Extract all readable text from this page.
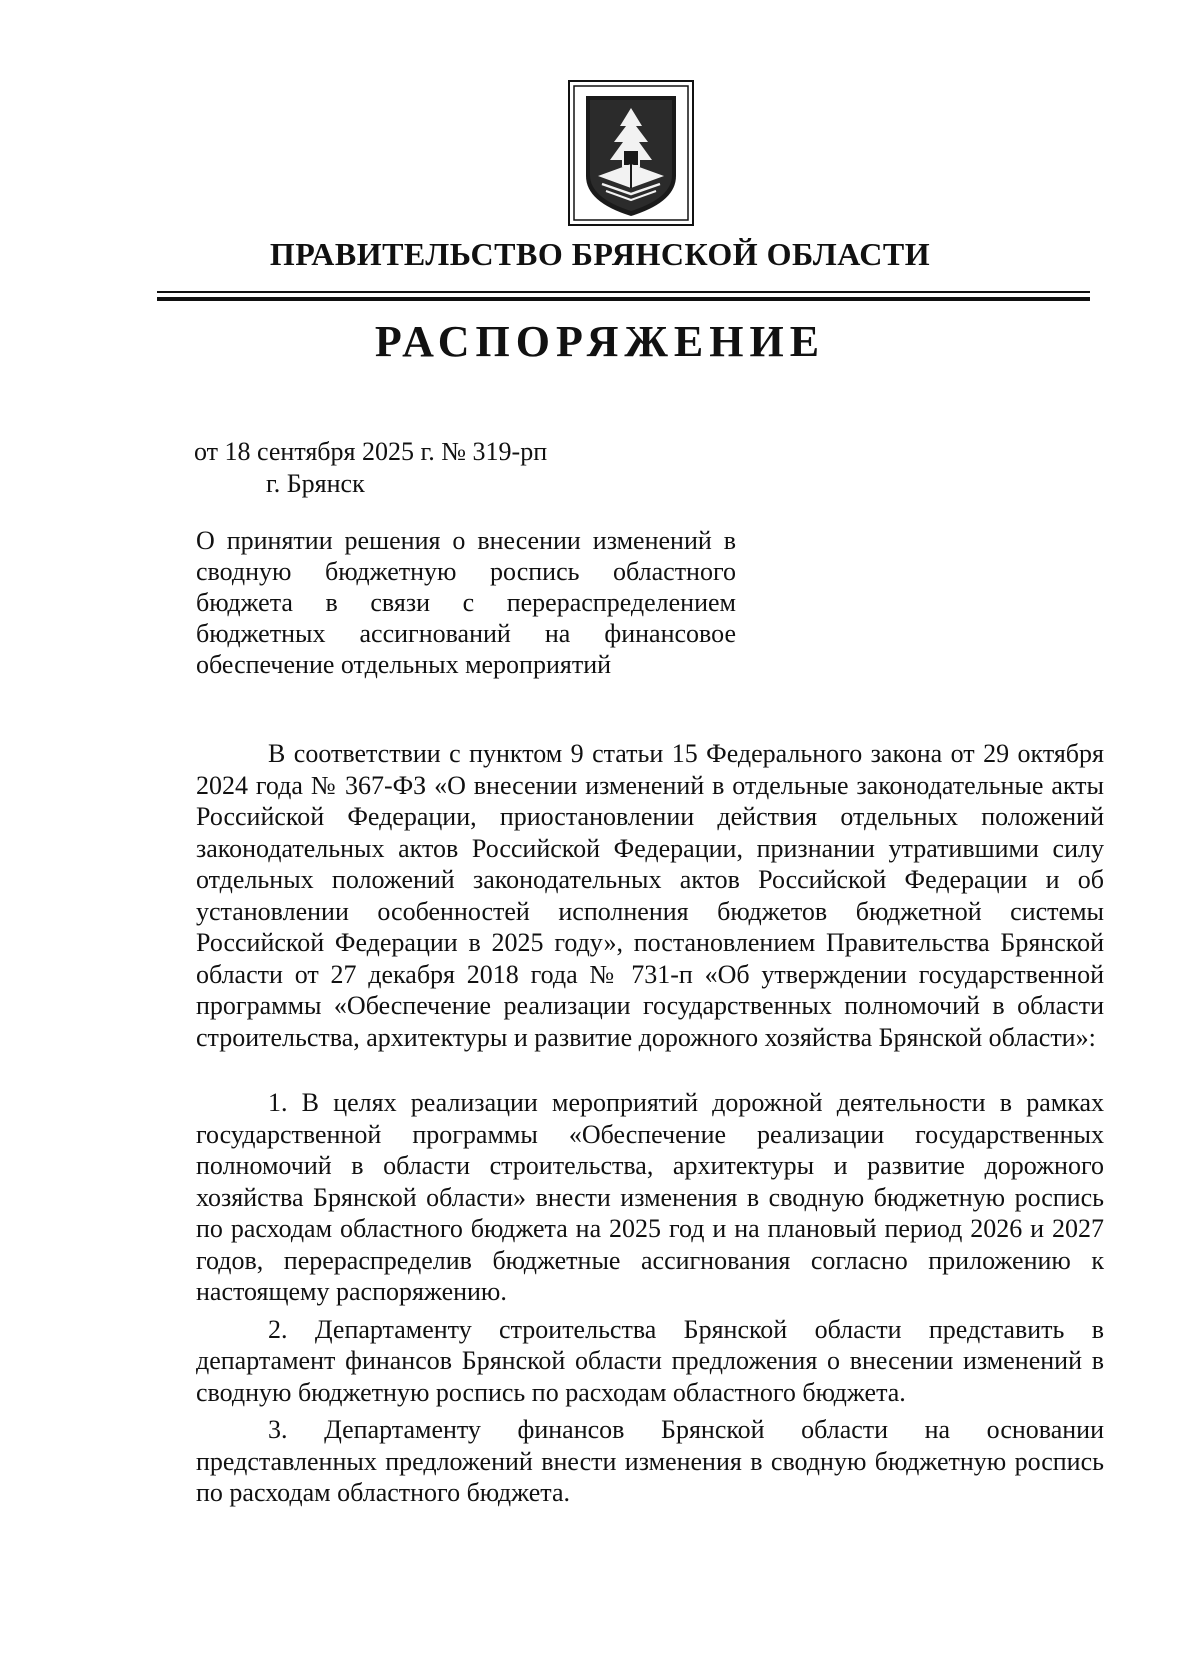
ПРАВИТЕЛЬСТВО БРЯНСКОЙ ОБЛАСТИ
РАСПОРЯЖЕНИЕ
от 18 сентября 2025 г. № 319-рп
г. Брянск
О принятии решения о внесении изменений в сводную бюджетную роспись областного бюджета в связи с перераспределением бюджетных ассигнований на финансовое обеспечение отдельных мероприятий

В соответствии с пунктом 9 статьи 15 Федерального закона от 29 октября 2024 года № 367-ФЗ «О внесении изменений в отдельные законодательные акты Российской Федерации, приостановлении действия отдельных положений законодательных актов Российской Федерации, признании утратившими силу отдельных положений законодательных актов Российской Федерации и об установлении особенностей исполнения бюджетов бюджетной системы Российской Федерации в 2025 году», постановлением Правительства Брянской области от 27 декабря 2018 года № 731-п «Об утверждении государственной программы «Обеспечение реализации государственных полномочий в области строительства, архитектуры и развитие дорожного хозяйства Брянской области»:

1. В целях реализации мероприятий дорожной деятельности в рамках государственной программы «Обеспечение реализации государственных полномочий в области строительства, архитектуры и развитие дорожного хозяйства Брянской области» внести изменения в сводную бюджетную роспись по расходам областного бюджета на 2025 год и на плановый период 2026 и 2027 годов, перераспределив бюджетные ассигнования согласно приложению к настоящему распоряжению.

2. Департаменту строительства Брянской области представить в департамент финансов Брянской области предложения о внесении изменений в сводную бюджетную роспись по расходам областного бюджета.

3. Департаменту финансов Брянской области на основании представленных предложений внести изменения в сводную бюджетную роспись по расходам областного бюджета.
